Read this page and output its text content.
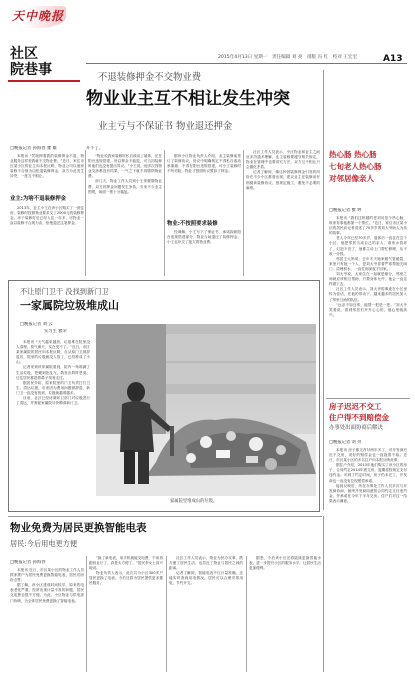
天中晚报
社区
院巷事
2015年4月13日 星期一 责任编辑 刘 亮 排版 冯 红 校对 王宏宏	A13
不退装修押金不交物业费
物业业主互不相让发生冲突
业主亏与不保证书 物业退还押金
□晚报记者 孙海春 雅 雄	开不了。

本报讯 “凭啥押着我的装修押金不退，物业服务这样差我就不交物业费。”近日，家住市区某小区的业主向本报反映，物业公司以他家装修不合规为由拒退装修押金，双方为此发生冲突，一度互不相让。

业主:为啥不退装修押金

2013年，业主小王在该小区购买了一套住房，装修时按照物业要求交了2000元的装修押金。房子装修好后已经入住一年多，可物业一直以装修不合规为由，拒绝退还这笔押金。

“物业说我家装修时私自改动了墙体，还在阳台违规搭建，所以押金不能退，可当初装修时他们也没有提出异议。”小王说，他多次找物业交涉都没有结果，一气之下就不再缴纳物业费。

前几天，物业工作人员到小王家催缴物业费，双方因押金问题发生争执，引来不少业主围观，场面一度十分尴尬。

据该小区物业负责人介绍，业主装修前签订了装修协议，协议中明确规定不得私自改动承重墙、不得在阳台违规搭建，可小王装修时不听劝阻，物业才按照协议暂扣了押金。

物业:不按照要求装修

经调解，小王写下了保证书，承诺拆除阳台违规搭建部分，物业当场退还了装修押金，小王也补交了拖欠的物业费。

社区工作人员表示，小区物业和业主之间应多沟通多理解，业主装修要遵守相关规定，物业在管理中也要讲究方法，双方互不相让只会激化矛盾。

记者了解到，像这种因装修押金引发的纠纷在不少小区都曾出现，建议业主在装修前仔细阅读装修协议，按规定施工，避免不必要的麻烦。

热心肠 热心肠
七旬老人热心肠
对邻居像亲人
□晚报记者 雅 婷

本报讯 “我们这栋楼的老刘可是个热心肠，谁家有事他都第一个帮忙。”近日，家住市区某小区的居民向记者讲述了70多岁的刘大爷助人为乐的故事。

老人今年已经70多岁，退休后一直住在这个小区，他把邻居当成自己的亲人，谁家水管坏了、灯泡不亮了，他都主动上门帮忙修理，从不收一分钱。

邻居王大妈说，去年冬天她家暖气管破裂，家里只有她一个人，是刘大爷冒着严寒帮她关阀门、清理积水，一直忙到深夜才回家。

刘大爷说，大家住在一起就是缘分，邻里之间就应该相互帮助，只要身体允许，他会一直这样做下去。

社区工作人员表示，刘大爷的事迹在小区里传为佳话，在他的带动下，越来越多的居民加入了邻里互助的队伍。

“远亲不如近邻，能帮一把是一把。”刘大爷笑着说，看到邻居们开开心心的，他心里就高兴。

房子迟迟不交工
住户得不到赔偿金
办事处出面协商后解决
□晚报记者 刘 亮

本报讯 房子都交首付两年多了，可开发商迟迟不交房，说好的赔偿金也一直拖着不给。近日，市区某小区的多名住户向本报反映此事。

据住户介绍，2013年他们购买了该小区的房子，合同约定2014年底交房，逾期将按规定支付违约金。可到了约定时间，房子仍未完工，开发商也一直没有兑现赔偿承诺。

接到反映后，所在办事处工作人员多次与开发商协商，最终开发商同意按合同约定支付违约金，并承诺在今年下半年交房。住户们对这一结果表示满意。

不让原门卫干 没找到新门卫
一家属院垃圾堆成山
□晚报记者 刘 云
实习生 雅荣

本报讯 “天气越来越热，垃圾堆在院里没人清理，臭气熏天，实在受不了。”近日，市区某家属院的居民向本报反映，自从原门卫被辞退后，院里的垃圾就没人管了，已经堆成了小山。

记者来到该家属院看到，院内一角堆满了生活垃圾，苍蝇到处乱飞，散发出阵阵恶臭，过往居民都捂着鼻子匆匆走过。

据居民介绍，原来院里的门卫负责打扫卫生、清运垃圾，后来因为费用问题被辞退，新门卫一直没有找到，垃圾就越堆越多。

目前，社区已经协调环卫部门对垃圾进行了清运，并督促家属院尽快聘请新门卫。

家属院里堆成山的垃圾。
物业免费为居民更换智能电表
居民:今后用电更方便
□晚报记者 孙海春

本报讯 近日，市区某小区的物业工作人员挨家挨户为居民免费更换智能电表，居民们纷纷点赞。

据了解，该小区建成时间较早，原来的电表老化严重，经常出现计量不准的问题，居民交电费也很不方便。为此，小区物业与供电部门协调，为全体居民免费更换了智能电表。

“换了新电表，用手机就能交电费，不用再跑营业厅了，真是太方便了。”居民李女士高兴地说。

物业负责人表示，此次共为小区300多户居民更换了电表，今后还将为居民提供更多便民服务。

社区工作人员表示，物业为民办实事，既方便了居民生活，也拉近了物业与居民之间的距离。

记者了解到，智能电表不仅计量准确，还能实时查询用电情况，居民可以合理安排用电，节约开支。

据悉，今后该小区还将陆续更换智能水表，进一步提升小区的服务水平，让居民生活更加便利。
